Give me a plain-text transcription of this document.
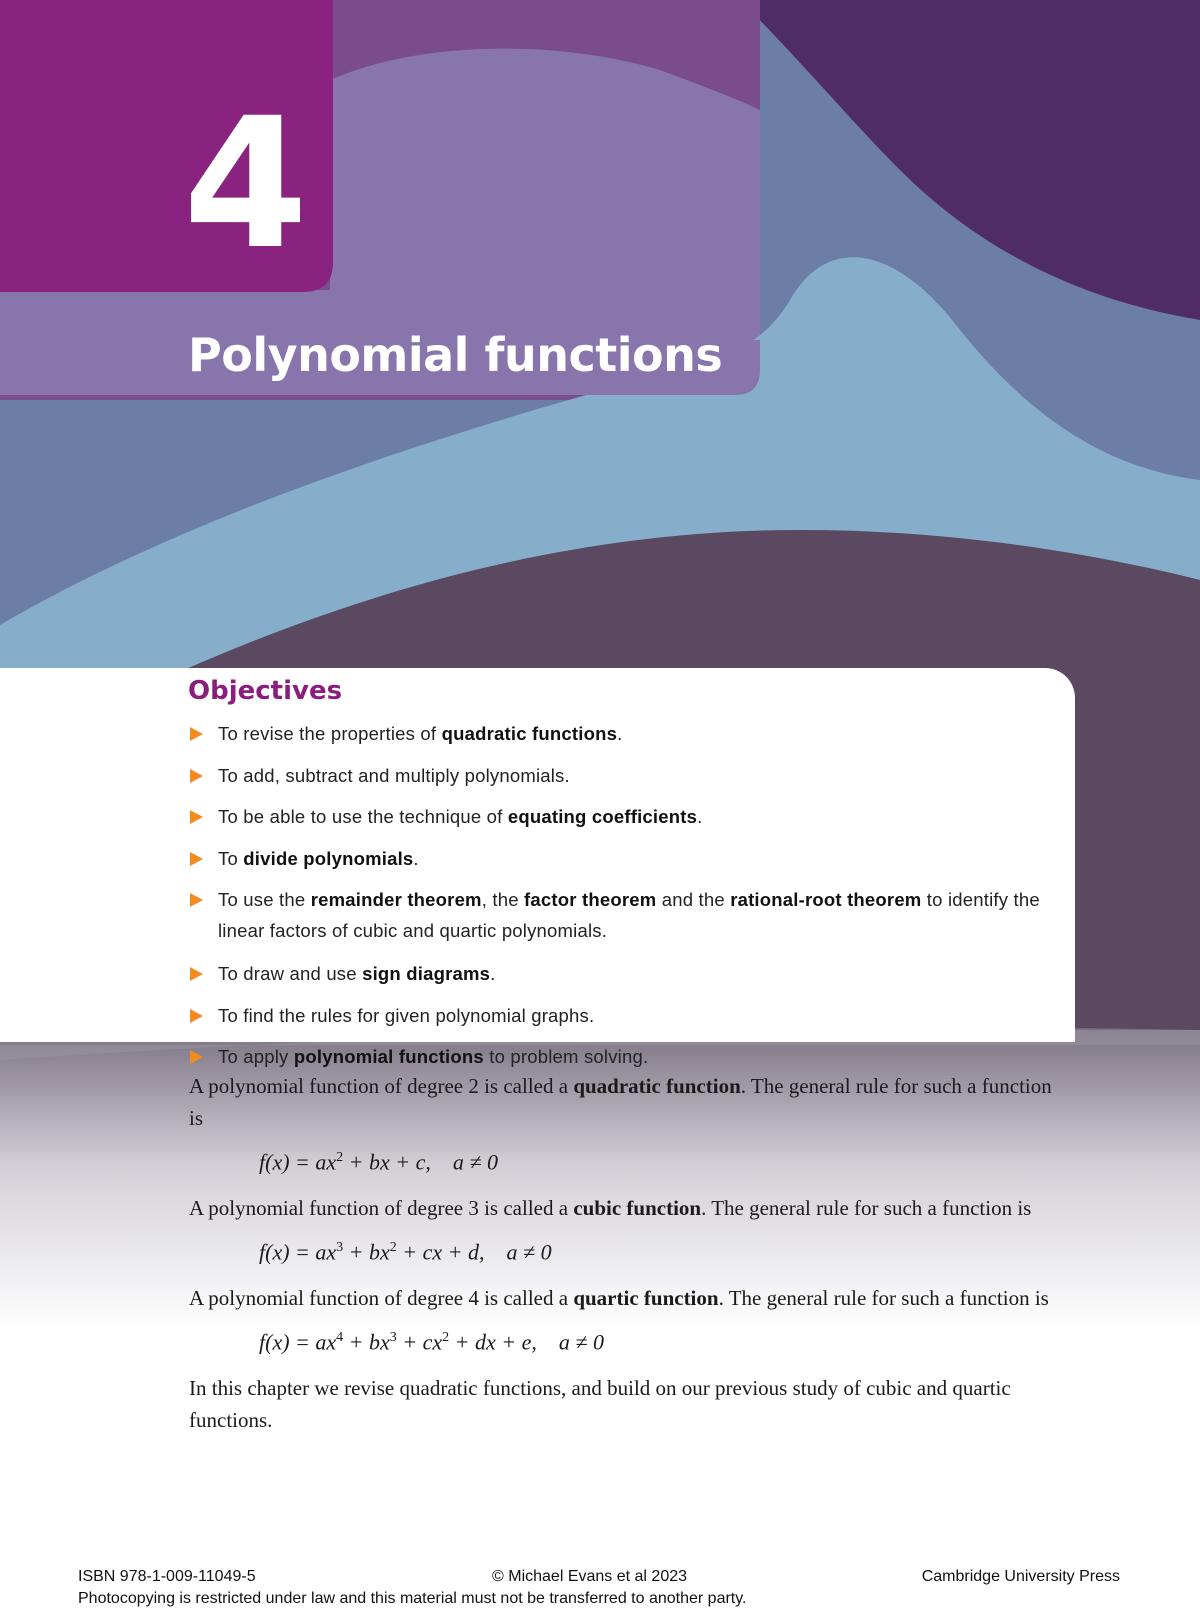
4
Polynomial functions
Objectives
To revise the properties of quadratic functions.
To add, subtract and multiply polynomials.
To be able to use the technique of equating coefficients.
To divide polynomials.
To use the remainder theorem, the factor theorem and the rational-root theorem to identify the linear factors of cubic and quartic polynomials.
To draw and use sign diagrams.
To find the rules for given polynomial graphs.
To apply polynomial functions to problem solving.

A polynomial function of degree 2 is called a quadratic function. The general rule for such a function is

$f(x) = ax^2$ + bx + c, a ≠ 0

A polynomial function of degree 3 is called a cubic function. The general rule for such a function is

$f(x) = ax^3 + bx^2$ + cx + d, a ≠ 0

A polynomial function of degree 4 is called a quartic function. The general rule for such a function is

$f(x) = ax^4 + bx^3 + cx^2$ + dx + e, a ≠ 0

In this chapter we revise quadratic functions, and build on our previous study of cubic and quartic functions.

ISBN 978-1-009-11049-5	© Michael Evans et al 2023	Cambridge University Press
Photocopying is restricted under law and this material must not be transferred to another party.
